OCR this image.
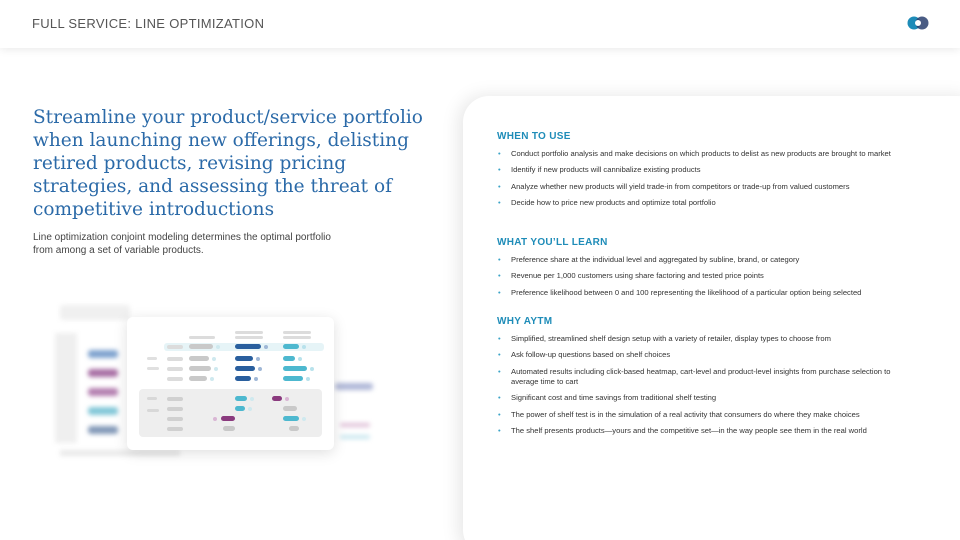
FULL SERVICE: LINE OPTIMIZATION
Streamline your product/service portfolio when launching new offerings, delisting retired products, revising pricing strategies, and assessing the threat of competitive introductions
Line optimization conjoint modeling determines the optimal portfolio from among a set of variable products.
WHEN TO USE
• Conduct portfolio analysis and make decisions on which products to delist as new products are brought to market
• Identify if new products will cannibalize existing products
• Analyze whether new products will yield trade-in from competitors or trade-up from valued customers
• Decide how to price new products and optimize total portfolio
WHAT YOU’LL LEARN
• Preference share at the individual level and aggregated by subline, brand, or category
• Revenue per 1,000 customers using share factoring and tested price points
• Preference likelihood between 0 and 100 representing the likelihood of a particular option being selected
WHY AYTM
• Simplified, streamlined shelf design setup with a variety of retailer, display types to choose from
• Ask follow-up questions based on shelf choices
• Automated results including click-based heatmap, cart-level and product-level insights from purchase selection to average time to cart
• Significant cost and time savings from traditional shelf testing
• The power of shelf test is in the simulation of a real activity that consumers do where they make choices
• The shelf presents products—yours and the competitive set—in the way people see them in the real world
